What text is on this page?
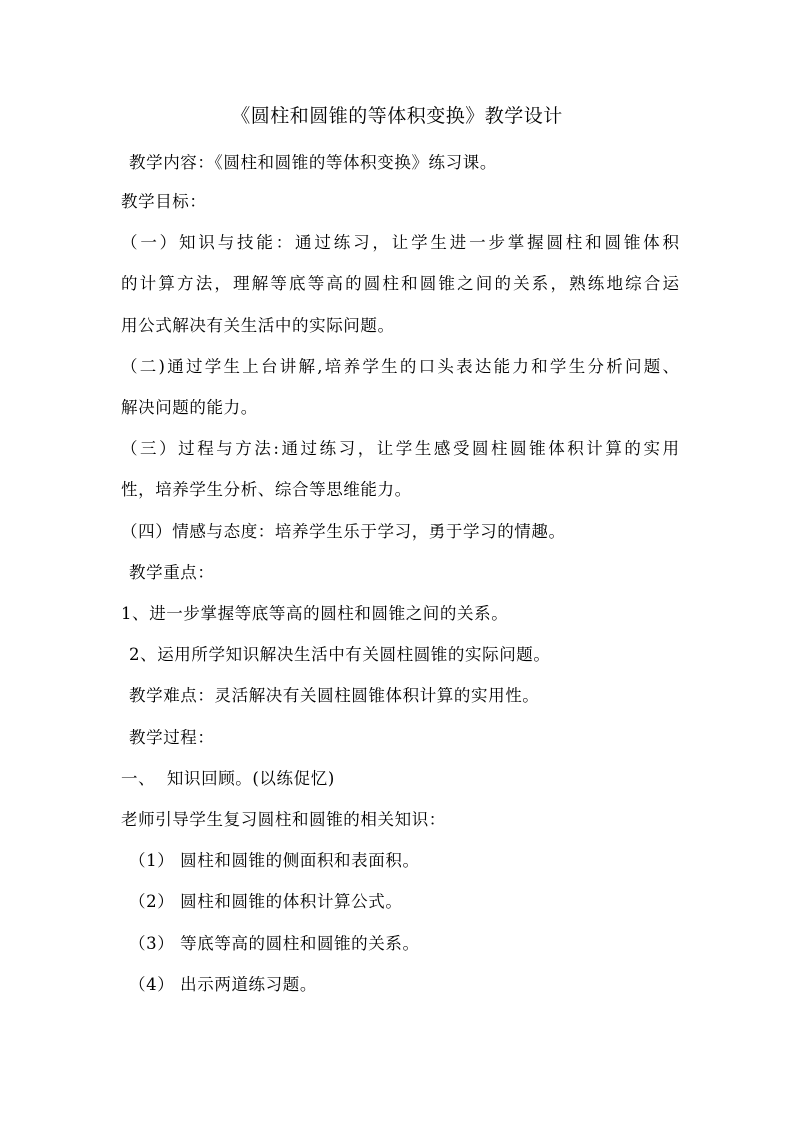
《圆柱和圆锥的等体积变换》教学设计
教学内容：《圆柱和圆锥的等体积变换》练习课。
教学目标：
（一）知识与技能：通过练习，让学生进一步掌握圆柱和圆锥体积
的计算方法，理解等底等高的圆柱和圆锥之间的关系，熟练地综合运
用公式解决有关生活中的实际问题。
（二)通过学生上台讲解,培养学生的口头表达能力和学生分析问题、
解决问题的能力。
（三）过程与方法:通过练习，让学生感受圆柱圆锥体积计算的实用
性，培养学生分析、综合等思维能力。
（四）情感与态度：培养学生乐于学习，勇于学习的情趣。
教学重点：
1、进一步掌握等底等高的圆柱和圆锥之间的关系。
2、运用所学知识解决生活中有关圆柱圆锥的实际问题。
教学难点：灵活解决有关圆柱圆锥体积计算的实用性。
教学过程：
一、  知识回顾。(以练促忆)
老师引导学生复习圆柱和圆锥的相关知识：
（1） 圆柱和圆锥的侧面积和表面积。
（2） 圆柱和圆锥的体积计算公式。
（3） 等底等高的圆柱和圆锥的关系。
（4） 出示两道练习题。
